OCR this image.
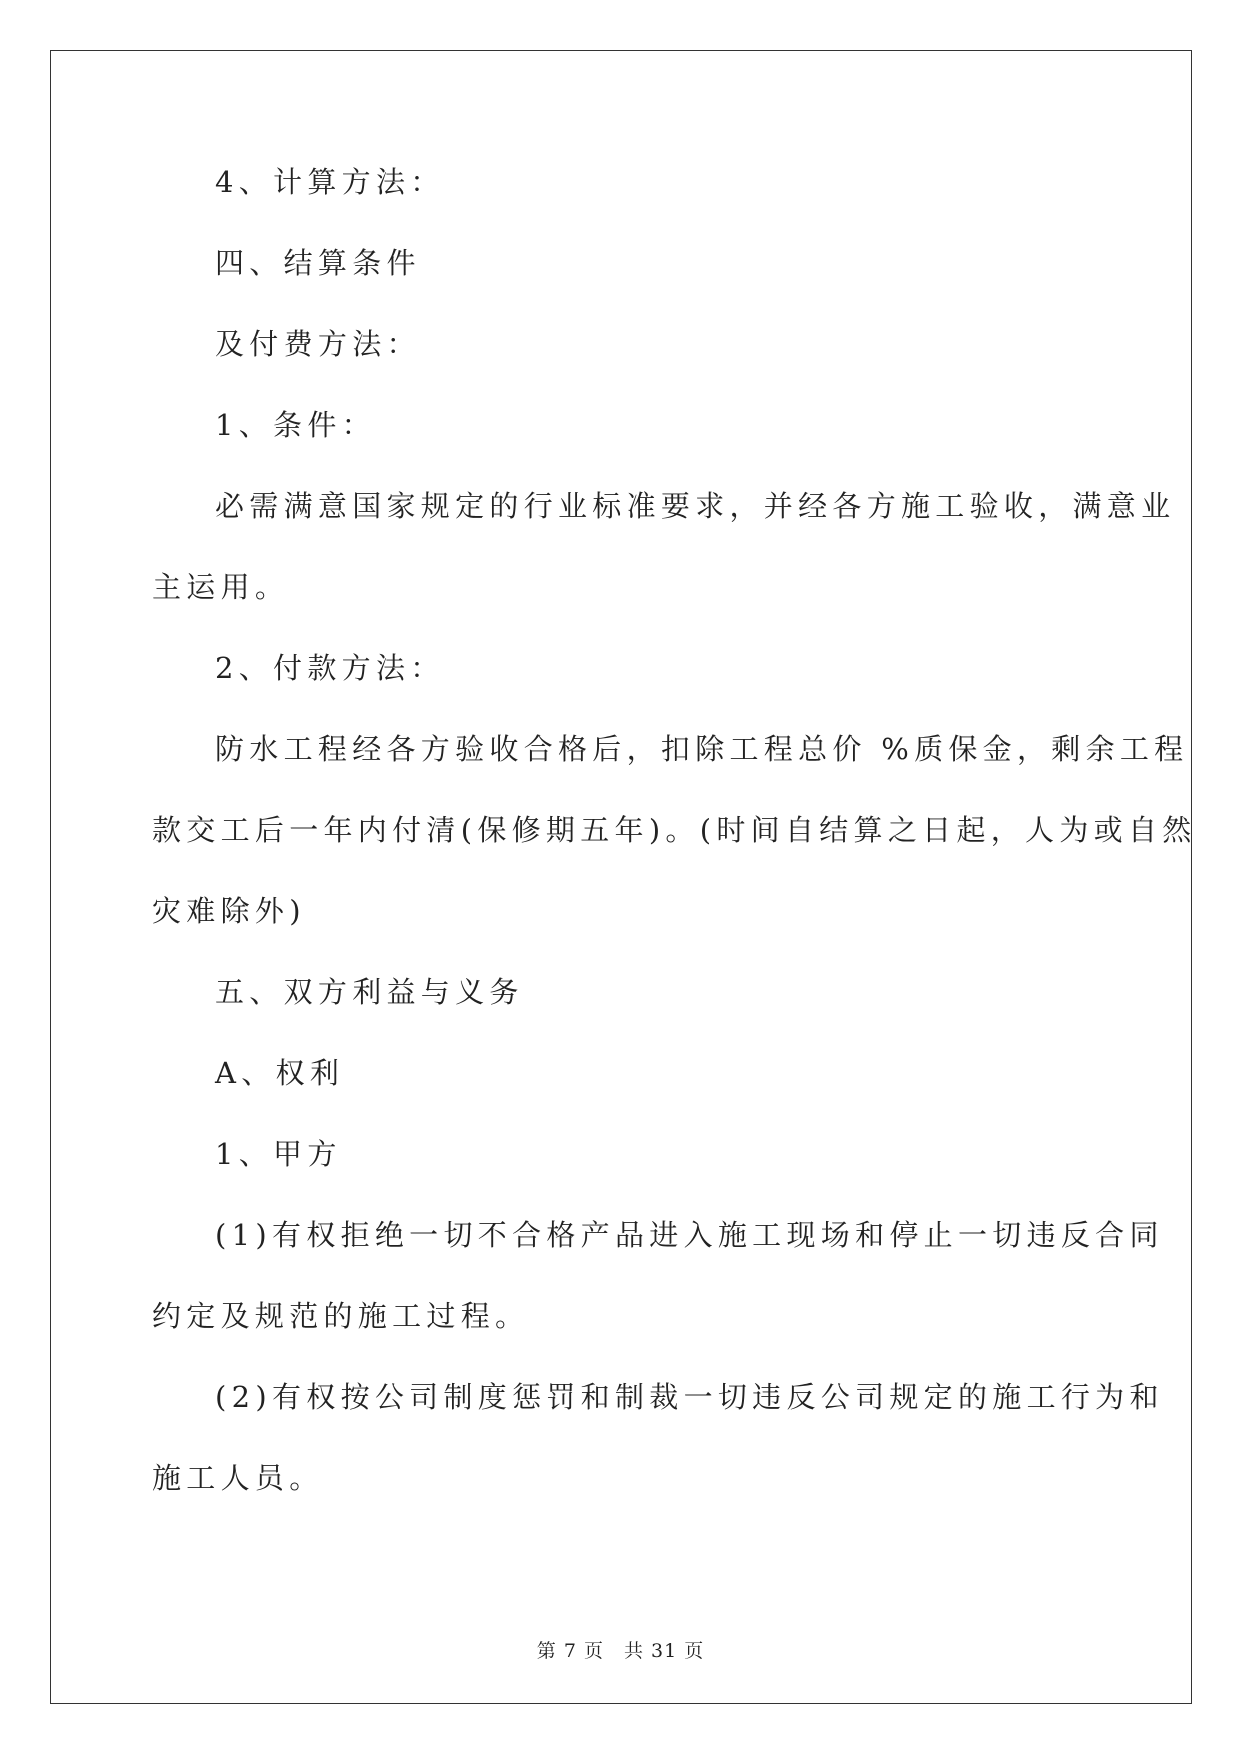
4、计算方法：
四、结算条件
及付费方法：
1、条件：
必需满意国家规定的行业标准要求，并经各方施工验收，满意业
主运用。
2、付款方法：
防水工程经各方验收合格后，扣除工程总价 %质保金，剩余工程
款交工后一年内付清(保修期五年)。(时间自结算之日起，人为或自然
灾难除外)
五、双方利益与义务
A、权利
1、甲方
(1)有权拒绝一切不合格产品进入施工现场和停止一切违反合同
约定及规范的施工过程。
(2)有权按公司制度惩罚和制裁一切违反公司规定的施工行为和
施工人员。
第 7 页　共 31 页
